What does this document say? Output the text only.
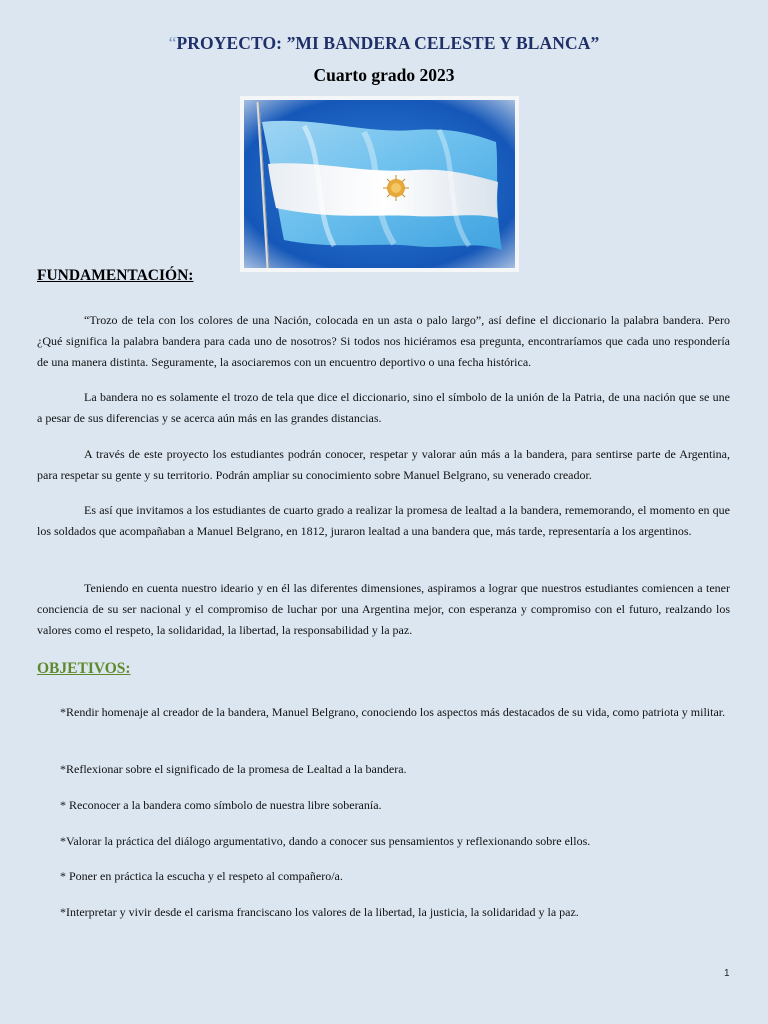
“PROYECTO: ”MI BANDERA CELESTE Y BLANCA”
Cuarto grado 2023
FUNDAMENTACIÓN:

“Trozo de tela con los colores de una Nación, colocada en un asta o palo largo”, así define el diccionario la palabra bandera. Pero ¿Qué significa la palabra bandera para cada uno de nosotros? Si todos nos hiciéramos esa pregunta, encontraríamos que cada uno respondería de una manera distinta. Seguramente, la asociaremos con un encuentro deportivo o una fecha histórica.

La bandera no es solamente el trozo de tela que dice el diccionario, sino el símbolo de la unión de la Patria, de una nación que se une a pesar de sus diferencias y se acerca aún más en las grandes distancias.

A través de este proyecto los estudiantes podrán conocer, respetar y valorar aún más a la bandera, para sentirse parte de Argentina, para respetar su gente y su territorio. Podrán ampliar su conocimiento sobre Manuel Belgrano, su venerado creador.

Es así que invitamos a los estudiantes de cuarto grado a realizar la promesa de lealtad a la bandera, rememorando, el momento en que los soldados que acompañaban a Manuel Belgrano, en 1812, juraron lealtad a una bandera que, más tarde, representaría a los argentinos.

Teniendo en cuenta nuestro ideario y en él las diferentes dimensiones, aspiramos a lograr que nuestros estudiantes comiencen a tener conciencia de su ser nacional y el compromiso de luchar por una Argentina mejor, con esperanza y compromiso con el futuro, realzando los valores como el respeto, la solidaridad, la libertad, la responsabilidad y la paz.

OBJETIVOS:

*Rendir homenaje al creador de la bandera, Manuel Belgrano, conociendo los aspectos más destacados de su vida, como patriota y militar.

*Reflexionar sobre el significado de la promesa de Lealtad a la bandera.

* Reconocer a la bandera como símbolo de nuestra libre soberanía.

*Valorar la práctica del diálogo argumentativo, dando a conocer sus pensamientos y reflexionando sobre ellos.

* Poner en práctica la escucha y el respeto al compañero/a.

*Interpretar y vivir desde el carisma franciscano los valores de la libertad, la justicia, la solidaridad y la paz.

1
